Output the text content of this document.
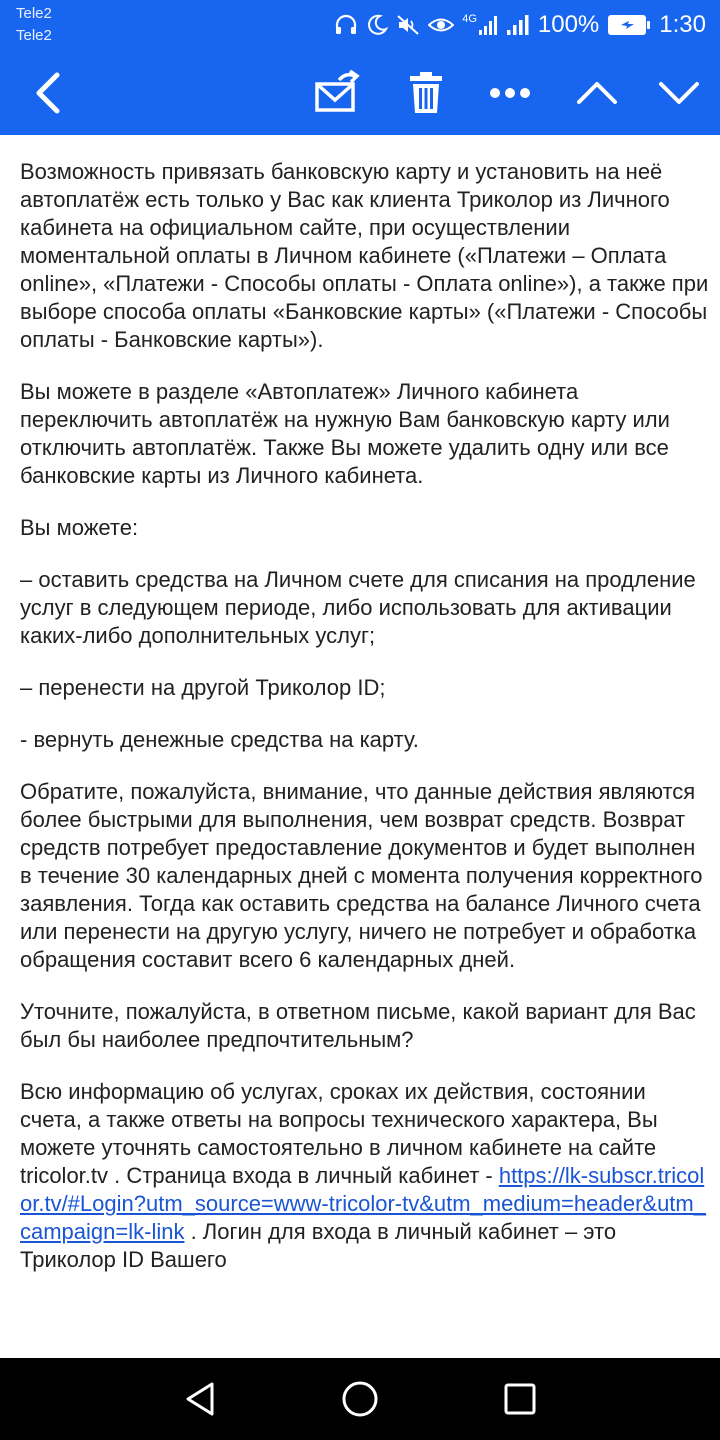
Tele2
Tele2
4G	100%	1:30

Возможность привязать банковскую карту и установить на неё автоплатёж есть только у Вас как клиента Триколор из Личного кабинета на официальном сайте, при осуществлении моментальной оплаты в Личном кабинете («Платежи – Оплата online», «Платежи - Способы оплаты - Оплата online»), а также при выборе способа оплаты «Банковские карты» («Платежи - Способы оплаты - Банковские карты»).

Вы можете в разделе «Автоплатеж» Личного кабинета переключить автоплатёж на нужную Вам банковскую карту или отключить автоплатёж. Также Вы можете удалить одну или все банковские карты из Личного кабинета.

Вы можете:

– оставить средства на Личном счете для списания на продление услуг в следующем периоде, либо использовать для активации каких-либо дополнительных услуг;

– перенести на другой Триколор ID;

- вернуть денежные средства на карту.

Обратите, пожалуйста, внимание, что данные действия являются более быстрыми для выполнения, чем возврат средств. Возврат средств потребует предоставление документов и будет выполнен в течение 30 календарных дней с момента получения корректного заявления. Тогда как оставить средства на балансе Личного счета или перенести на другую услугу, ничего не потребует и обработка обращения составит всего 6 календарных дней.

Уточните, пожалуйста, в ответном письме, какой вариант для Вас был бы наиболее предпочтительным?

Всю информацию об услугах, сроках их действия, состоянии счета, а также ответы на вопросы технического характера, Вы можете уточнять самостоятельно в личном кабинете на сайте tricolor.tv . Страница входа в личный кабинет - https://lk-subscr.tricolor.tv/#Login?utm_source=www-tricolor-tv&utm_medium=header&utm_campaign=lk-link . Логин для входа в личный кабинет – это Триколор ID Вашего
